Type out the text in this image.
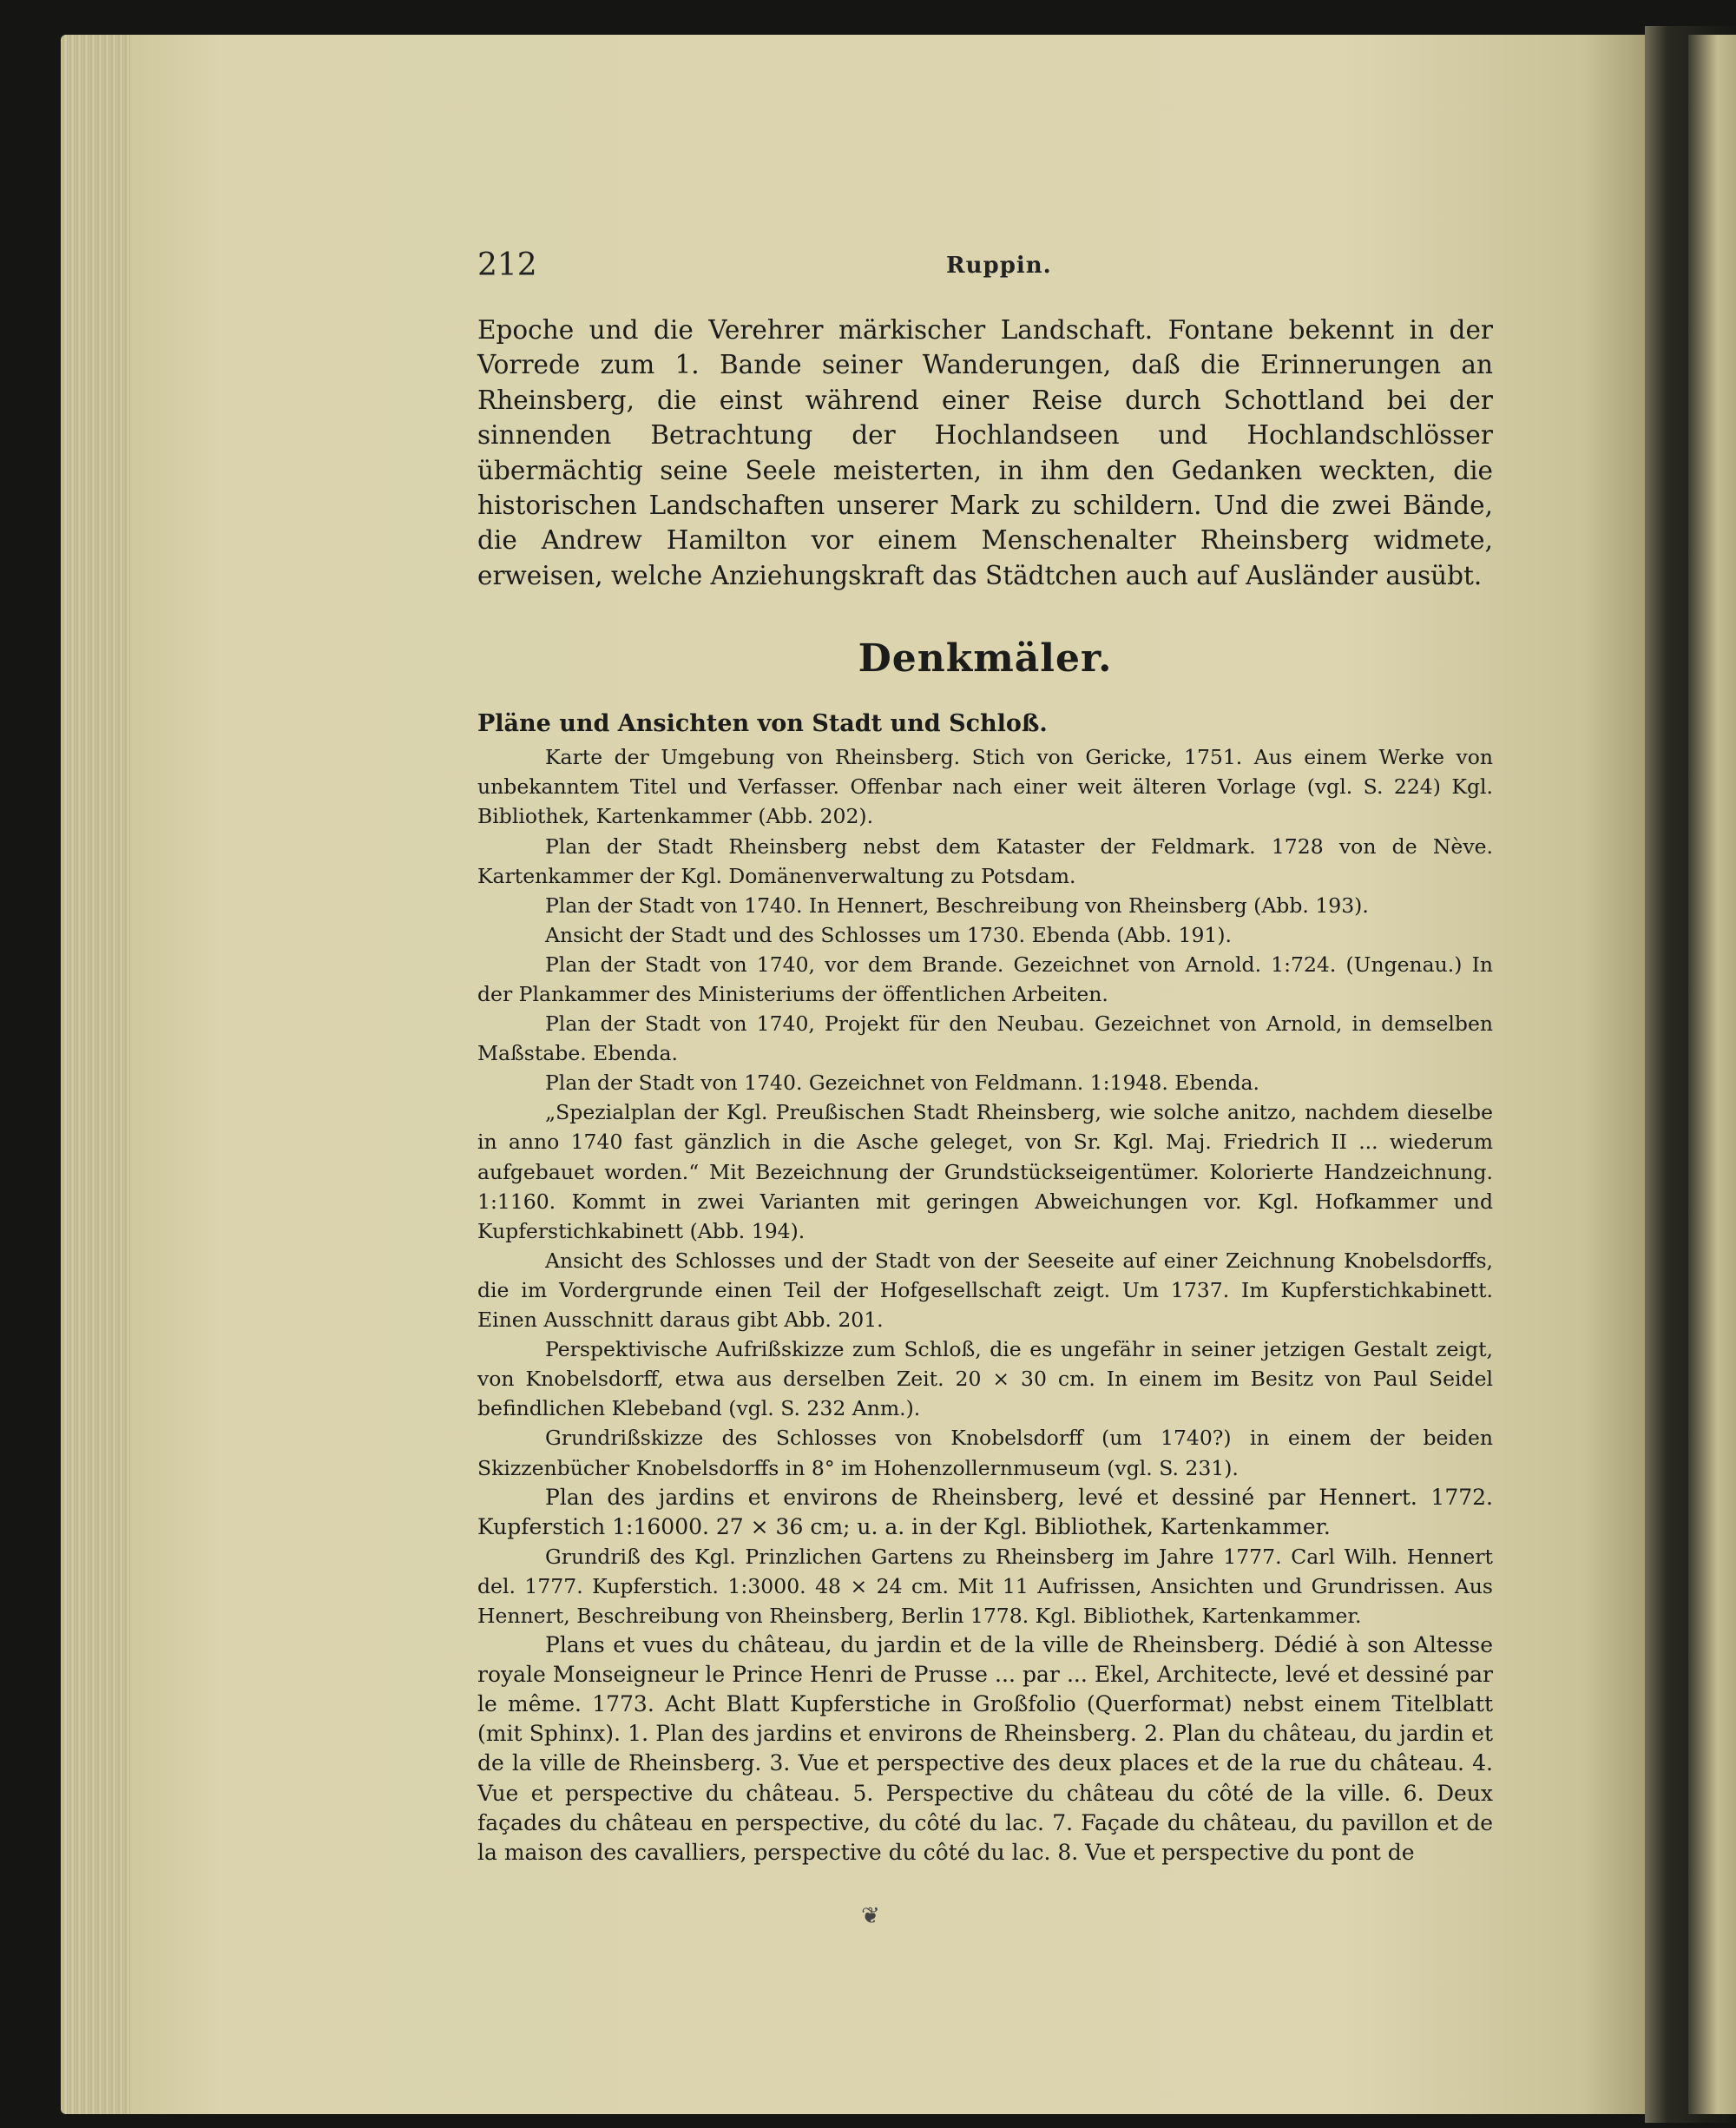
212	Ruppin.

Epoche und die Verehrer märkischer Landschaft. Fontane bekennt in der Vorrede zum 1. Bande seiner Wanderungen, daß die Erinnerungen an Rheinsberg, die einst während einer Reise durch Schottland bei der sinnenden Betrachtung der Hochlandseen und Hochlandschlösser übermächtig seine Seele meisterten, in ihm den Gedanken weckten, die historischen Landschaften unserer Mark zu schildern. Und die zwei Bände, die Andrew Hamilton vor einem Menschenalter Rheinsberg widmete, erweisen, welche Anziehungskraft das Städtchen auch auf Ausländer ausübt.

Denkmäler.
Pläne und Ansichten von Stadt und Schloß.

Karte der Umgebung von Rheinsberg. Stich von Gericke, 1751. Aus einem Werke von unbekanntem Titel und Verfasser. Offenbar nach einer weit älteren Vorlage (vgl. S. 224) Kgl. Bibliothek, Kartenkammer (Abb. 202).

Plan der Stadt Rheinsberg nebst dem Kataster der Feldmark. 1728 von de Nève. Kartenkammer der Kgl. Domänenverwaltung zu Potsdam.

Plan der Stadt von 1740. In Hennert, Beschreibung von Rheinsberg (Abb. 193).

Ansicht der Stadt und des Schlosses um 1730. Ebenda (Abb. 191).

Plan der Stadt von 1740, vor dem Brande. Gezeichnet von Arnold. 1:724. (Ungenau.) In der Plankammer des Ministeriums der öffentlichen Arbeiten.

Plan der Stadt von 1740, Projekt für den Neubau. Gezeichnet von Arnold, in demselben Maßstabe. Ebenda.

Plan der Stadt von 1740. Gezeichnet von Feldmann. 1:1948. Ebenda.

„Spezialplan der Kgl. Preußischen Stadt Rheinsberg, wie solche anitzo, nachdem dieselbe in anno 1740 fast gänzlich in die Asche geleget, von Sr. Kgl. Maj. Friedrich II ... wiederum aufgebauet worden.“ Mit Bezeichnung der Grundstückseigentümer. Kolorierte Handzeichnung. 1:1160. Kommt in zwei Varianten mit geringen Abweichungen vor. Kgl. Hofkammer und Kupferstichkabinett (Abb. 194).

Ansicht des Schlosses und der Stadt von der Seeseite auf einer Zeichnung Knobelsdorffs, die im Vordergrunde einen Teil der Hofgesellschaft zeigt. Um 1737. Im Kupferstichkabinett. Einen Ausschnitt daraus gibt Abb. 201.

Perspektivische Aufrißskizze zum Schloß, die es ungefähr in seiner jetzigen Gestalt zeigt, von Knobelsdorff, etwa aus derselben Zeit. 20 × 30 cm. In einem im Besitz von Paul Seidel befindlichen Klebeband (vgl. S. 232 Anm.).

Grundrißskizze des Schlosses von Knobelsdorff (um 1740?) in einem der beiden Skizzenbücher Knobelsdorffs in 8° im Hohenzollernmuseum (vgl. S. 231).

Plan des jardins et environs de Rheinsberg, levé et dessiné par Hennert. 1772. Kupferstich 1:16000. 27 × 36 cm; u. a. in der Kgl. Bibliothek, Kartenkammer.

Grundriß des Kgl. Prinzlichen Gartens zu Rheinsberg im Jahre 1777. Carl Wilh. Hennert del. 1777. Kupferstich. 1:3000. 48 × 24 cm. Mit 11 Aufrissen, Ansichten und Grundrissen. Aus Hennert, Beschreibung von Rheinsberg, Berlin 1778. Kgl. Bibliothek, Kartenkammer.

Plans et vues du château, du jardin et de la ville de Rheinsberg. Dédié à son Altesse royale Monseigneur le Prince Henri de Prusse ... par ... Ekel, Architecte, levé et dessiné par le même. 1773. Acht Blatt Kupferstiche in Großfolio (Querformat) nebst einem Titelblatt (mit Sphinx). 1. Plan des jardins et environs de Rheinsberg. 2. Plan du château, du jardin et de la ville de Rheinsberg. 3. Vue et perspective des deux places et de la rue du château. 4. Vue et perspective du château. 5. Perspective du château du côté de la ville. 6. Deux façades du château en perspective, du côté du lac. 7. Façade du château, du pavillon et de la maison des cavalliers, perspective du côté du lac. 8. Vue et perspective du pont de

❦
